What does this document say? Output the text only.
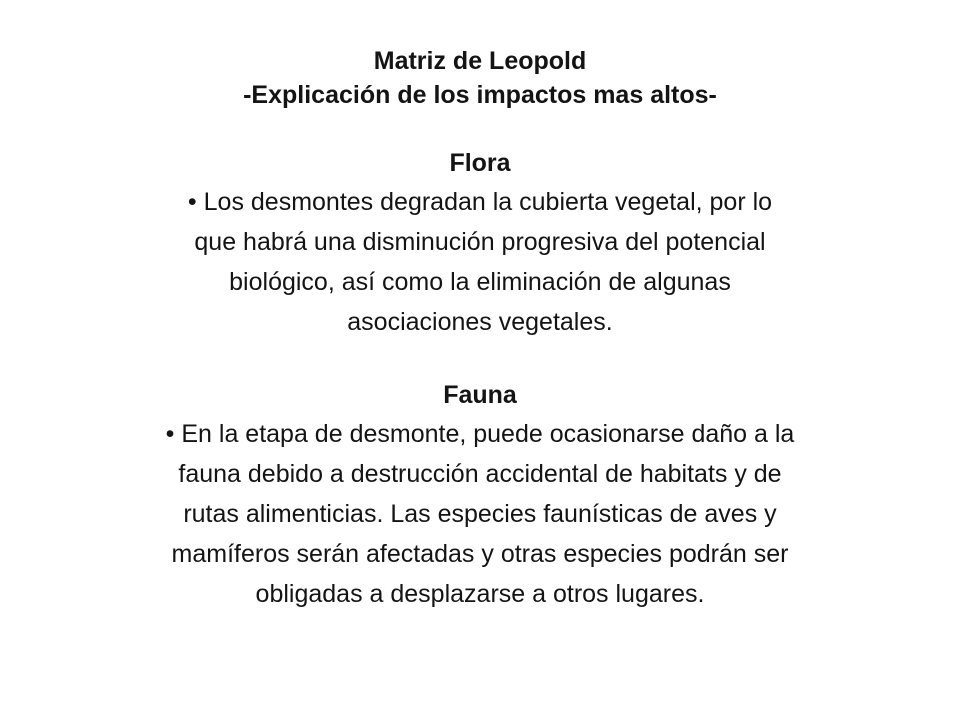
Matriz de Leopold

-Explicación de los impactos mas altos-

Flora

• Los desmontes degradan la cubierta vegetal, por lo

que habrá una disminución progresiva del potencial

biológico, así como la eliminación de algunas

asociaciones vegetales.

Fauna

• En la etapa de desmonte, puede ocasionarse daño a la

fauna debido a destrucción accidental de habitats y de

rutas alimenticias. Las especies faunísticas de aves y

mamíferos serán afectadas y otras especies podrán ser

obligadas a desplazarse a otros lugares.
